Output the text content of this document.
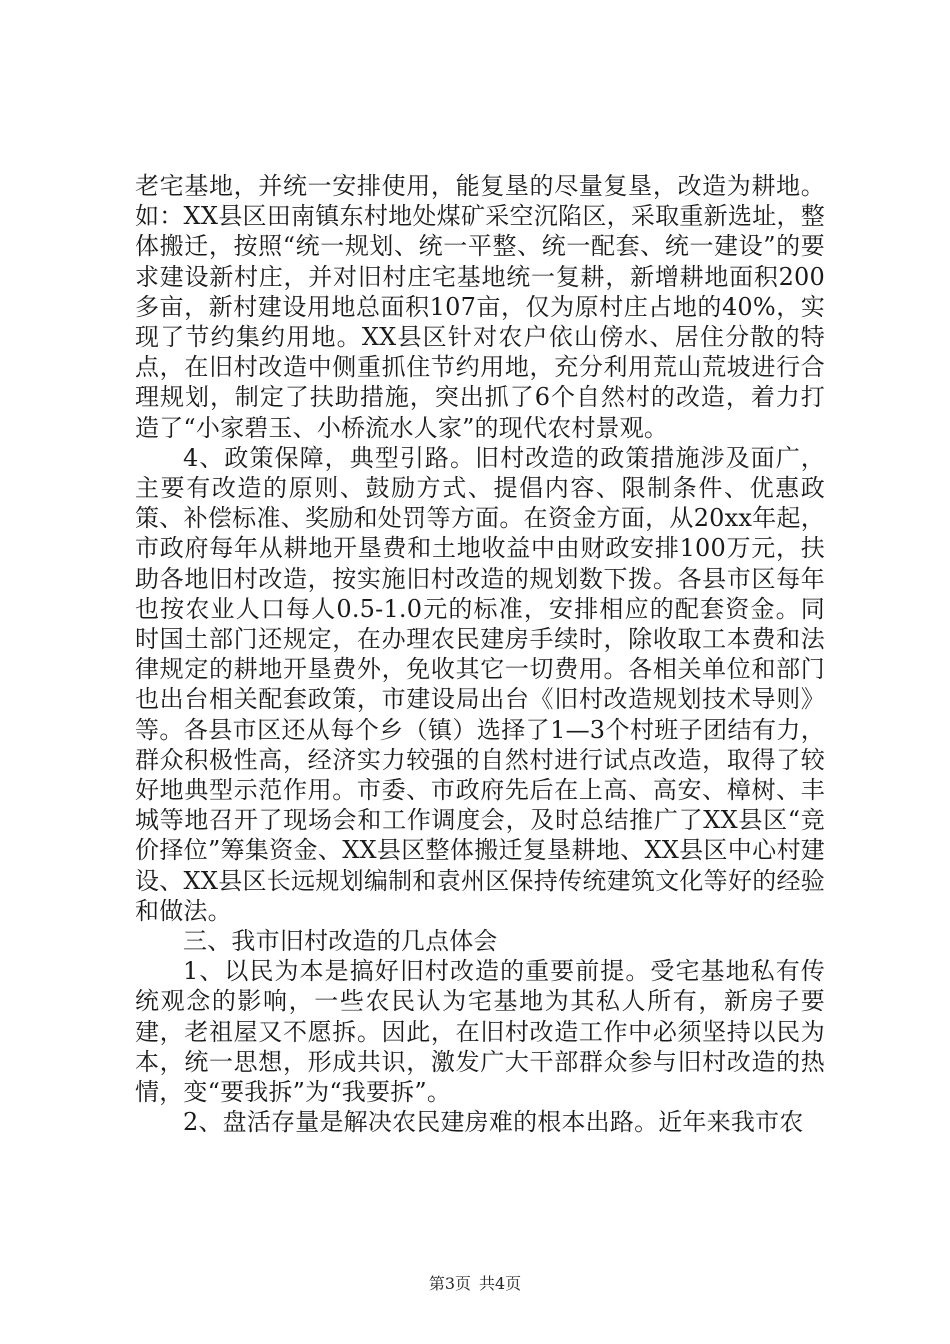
老宅基地，并统一安排使用，能复垦的尽量复垦，改造为耕地。如：XX县区田南镇东村地处煤矿采空沉陷区，采取重新选址，整体搬迁，按照“统一规划、统一平整、统一配套、统一建设”的要求建设新村庄，并对旧村庄宅基地统一复耕，新增耕地面积200多亩，新村建设用地总面积107亩，仅为原村庄占地的40%，实现了节约集约用地。XX县区针对农户依山傍水、居住分散的特点，在旧村改造中侧重抓住节约用地，充分利用荒山荒坡进行合理规划，制定了扶助措施，突出抓了6个自然村的改造，着力打造了“小家碧玉、小桥流水人家”的现代农村景观。

4、政策保障，典型引路。旧村改造的政策措施涉及面广，主要有改造的原则、鼓励方式、提倡内容、限制条件、优惠政策、补偿标准、奖励和处罚等方面。在资金方面，从20xx年起，市政府每年从耕地开垦费和土地收益中由财政安排100万元，扶助各地旧村改造，按实施旧村改造的规划数下拨。各县市区每年也按农业人口每人0.5-1.0元的标准，安排相应的配套资金。同时国土部门还规定，在办理农民建房手续时，除收取工本费和法律规定的耕地开垦费外，免收其它一切费用。各相关单位和部门也出台相关配套政策，市建设局出台《旧村改造规划技术导则》等。各县市区还从每个乡（镇）选择了1—3个村班子团结有力，群众积极性高，经济实力较强的自然村进行试点改造，取得了较好地典型示范作用。市委、市政府先后在上高、高安、樟树、丰城等地召开了现场会和工作调度会，及时总结推广了XX县区“竞价择位”筹集资金、XX县区整体搬迁复垦耕地、XX县区中心村建设、XX县区长远规划编制和袁州区保持传统建筑文化等好的经验和做法。

三、我市旧村改造的几点体会

1、以民为本是搞好旧村改造的重要前提。受宅基地私有传统观念的影响，一些农民认为宅基地为其私人所有，新房子要建，老祖屋又不愿拆。因此，在旧村改造工作中必须坚持以民为本，统一思想，形成共识，激发广大干部群众参与旧村改造的热情，变“要我拆”为“我要拆”。

2、盘活存量是解决农民建房难的根本出路。近年来我市农

第3页 共4页
